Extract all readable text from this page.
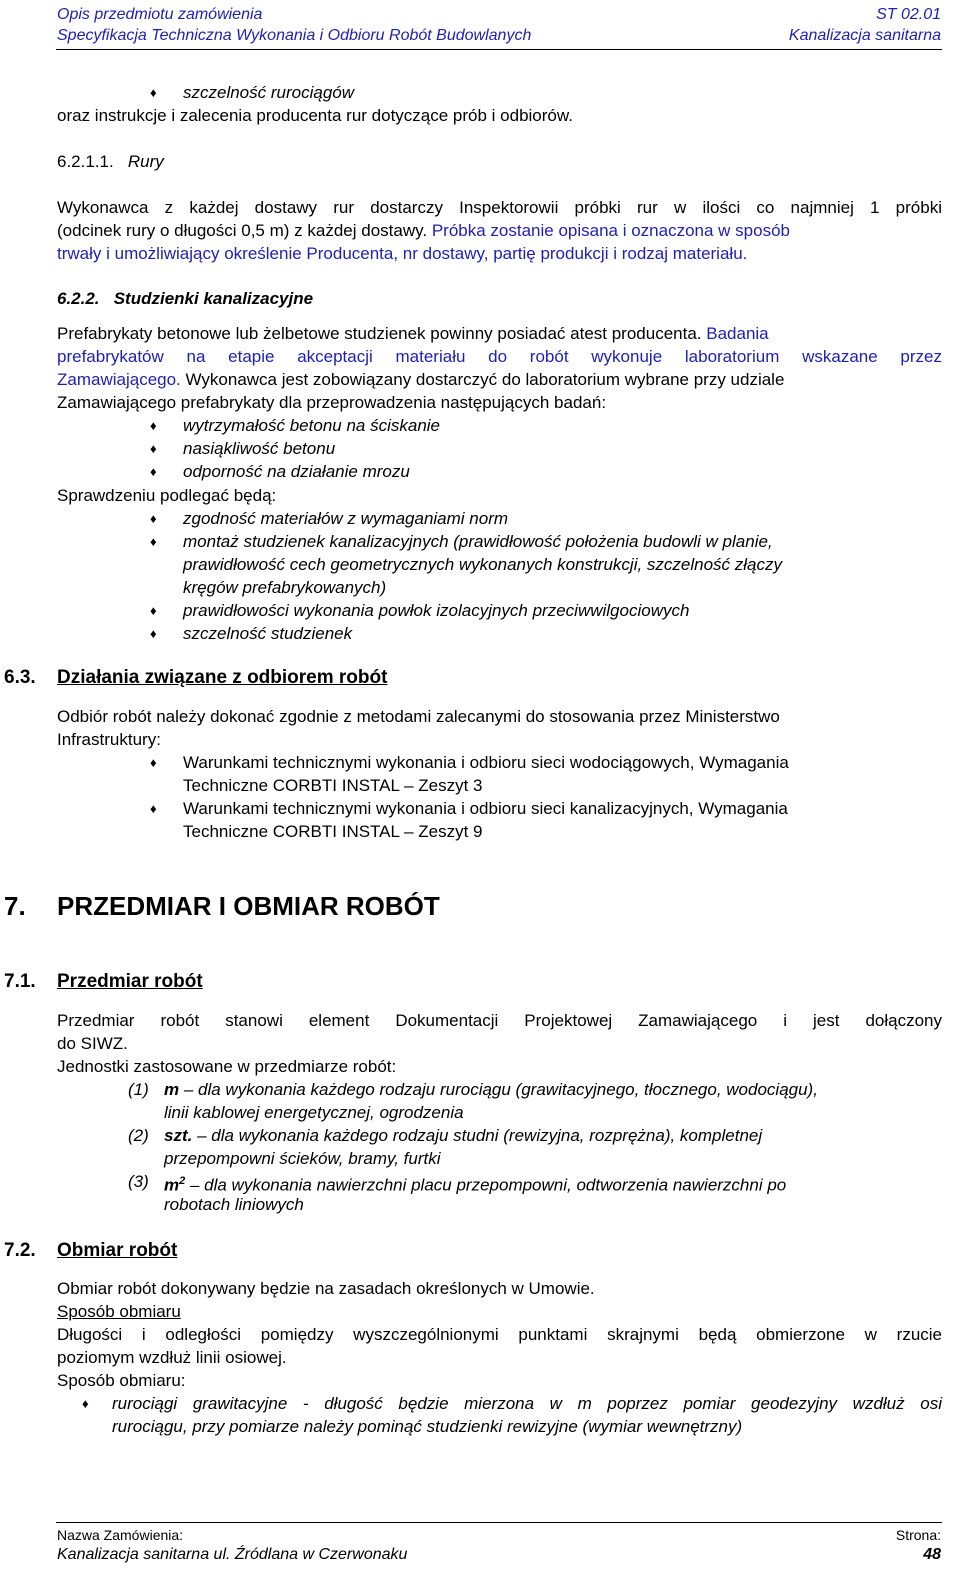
Opis przedmiotu zamówienia
Specyfikacja Techniczna Wykonania i Odbioru Robót Budowlanych
ST 02.01
Kanalizacja sanitarna
♦ szczelność rurociągów
oraz instrukcje i zalecenia producenta rur dotyczące prób i odbiorów.
6.2.1.1. Rury
Wykonawca z każdej dostawy rur dostarczy Inspektorowii próbki rur w ilości co najmniej 1 próbki
(odcinek rury o długości 0,5 m) z każdej dostawy. Próbka zostanie opisana i oznaczona w sposób
trwały i umożliwiający określenie Producenta, nr dostawy, partię produkcji i rodzaj materiału.
6.2.2. Studzienki kanalizacyjne
Prefabrykaty betonowe lub żelbetowe studzienek powinny posiadać atest producenta. Badania
prefabrykatów na etapie akceptacji materiału do robót wykonuje laboratorium wskazane przez
Zamawiającego. Wykonawca jest zobowiązany dostarczyć do laboratorium wybrane przy udziale
Zamawiającego prefabrykaty dla przeprowadzenia następujących badań:
♦ wytrzymałość betonu na ściskanie
♦ nasiąkliwość betonu
♦ odporność na działanie mrozu
Sprawdzeniu podlegać będą:
♦ zgodność materiałów z wymaganiami norm
♦ montaż studzienek kanalizacyjnych (prawidłowość położenia budowli w planie,
prawidłowość cech geometrycznych wykonanych konstrukcji, szczelność złączy
kręgów prefabrykowanych)
♦ prawidłowości wykonania powłok izolacyjnych przeciwwilgociowych
♦ szczelność studzienek
6.3. Działania związane z odbiorem robót
Odbiór robót należy dokonać zgodnie z metodami zalecanymi do stosowania przez Ministerstwo
Infrastruktury:
♦ Warunkami technicznymi wykonania i odbioru sieci wodociągowych, Wymagania
Techniczne CORBTI INSTAL – Zeszyt 3
♦ Warunkami technicznymi wykonania i odbioru sieci kanalizacyjnych, Wymagania
Techniczne CORBTI INSTAL – Zeszyt 9
7. PRZEDMIAR I OBMIAR ROBÓT
7.1. Przedmiar robót
Przedmiar robót stanowi element Dokumentacji Projektowej Zamawiającego i jest dołączony
do SIWZ.
Jednostki zastosowane w przedmiarze robót:
(1) m – dla wykonania każdego rodzaju rurociągu (grawitacyjnego, tłocznego, wodociągu),
linii kablowej energetycznej, ogrodzenia
(2) szt. – dla wykonania każdego rodzaju studni (rewizyjna, rozprężna), kompletnej
przepompowni ścieków, bramy, furtki
(3) $m^2$ – dla wykonania nawierzchni placu przepompowni, odtworzenia nawierzchni po
robotach liniowych
7.2. Obmiar robót
Obmiar robót dokonywany będzie na zasadach określonych w Umowie.
Sposób obmiaru
Długości i odległości pomiędzy wyszczególnionymi punktami skrajnymi będą obmierzone w rzucie
poziomym wzdłuż linii osiowej.
Sposób obmiaru:
♦ rurociągi grawitacyjne - długość będzie mierzona w m poprzez pomiar geodezyjny wzdłuż osi
rurociągu, przy pomiarze należy pominąć studzienki rewizyjne (wymiar wewnętrzny)
Nazwa Zamówienia:
Kanalizacja sanitarna ul. Źródlana w Czerwonaku
Strona:
48
